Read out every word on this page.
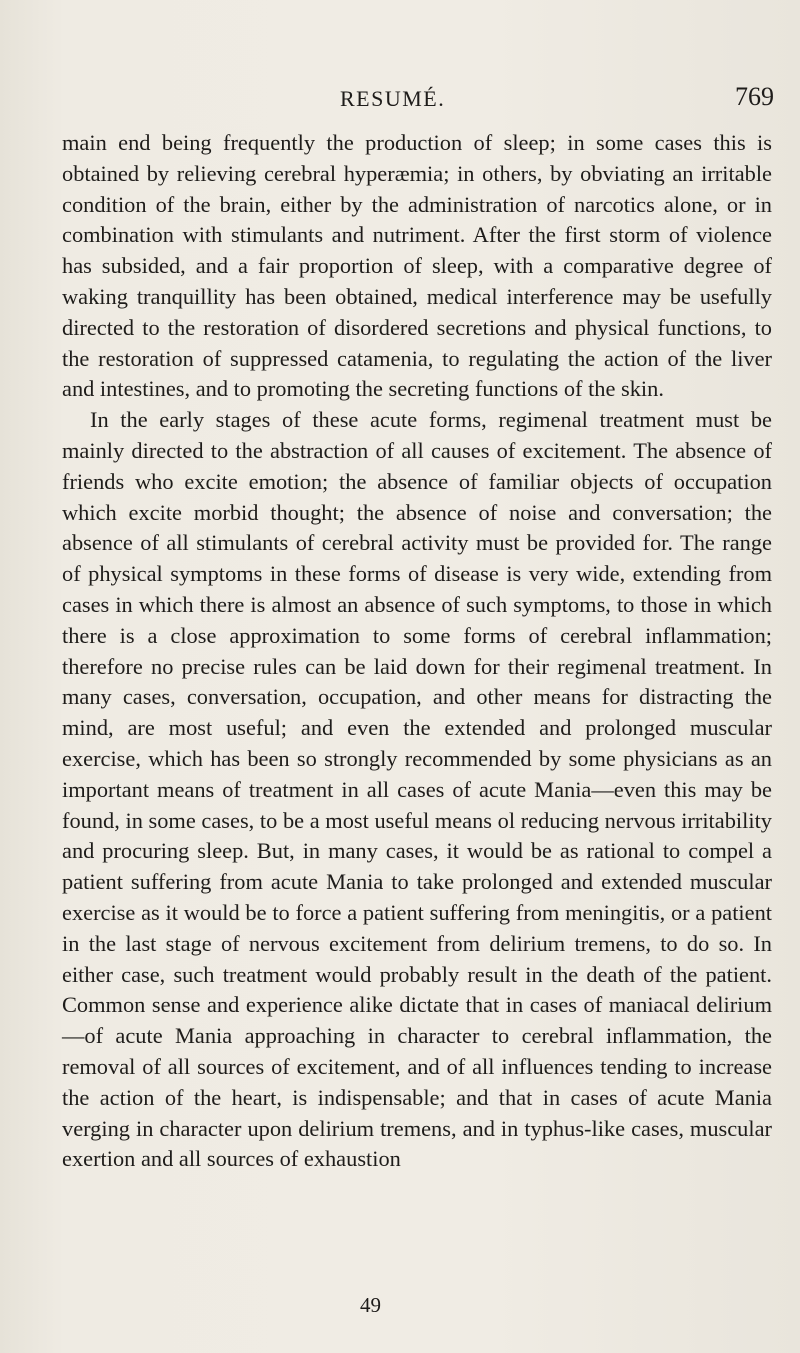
RESUMÉ.	769

main end being frequently the production of sleep; in some cases this is obtained by relieving cerebral hyperæmia; in others, by obviating an irritable condition of the brain, either by the administration of narcotics alone, or in combination with stimulants and nutriment. After the first storm of violence has subsided, and a fair proportion of sleep, with a comparative degree of waking tranquillity has been obtained, medical interference may be usefully directed to the restoration of disordered secretions and physical functions, to the restoration of suppressed catamenia, to regulating the action of the liver and intestines, and to promoting the secreting functions of the skin.

In the early stages of these acute forms, regimenal treatment must be mainly directed to the abstraction of all causes of excitement. The absence of friends who excite emotion; the absence of familiar objects of occupation which excite morbid thought; the absence of noise and conversation; the absence of all stimulants of cerebral activity must be provided for. The range of physical symptoms in these forms of disease is very wide, extending from cases in which there is almost an absence of such symptoms, to those in which there is a close approximation to some forms of cerebral inflammation; therefore no precise rules can be laid down for their regimenal treatment. In many cases, conversation, occupation, and other means for distracting the mind, are most useful; and even the extended and prolonged muscular exercise, which has been so strongly recommended by some physicians as an important means of treatment in all cases of acute Mania—even this may be found, in some cases, to be a most useful means ol reducing nervous irritability and procuring sleep. But, in many cases, it would be as rational to compel a patient suffering from acute Mania to take prolonged and extended muscular exercise as it would be to force a patient suffering from meningitis, or a patient in the last stage of nervous excitement from delirium tremens, to do so. In either case, such treatment would probably result in the death of the patient. Common sense and experience alike dictate that in cases of maniacal delirium—of acute Mania approaching in character to cerebral inflammation, the removal of all sources of excitement, and of all influences tending to increase the action of the heart, is indispensable; and that in cases of acute Mania verging in character upon delirium tremens, and in typhus-like cases, muscular exertion and all sources of exhaustion

49
